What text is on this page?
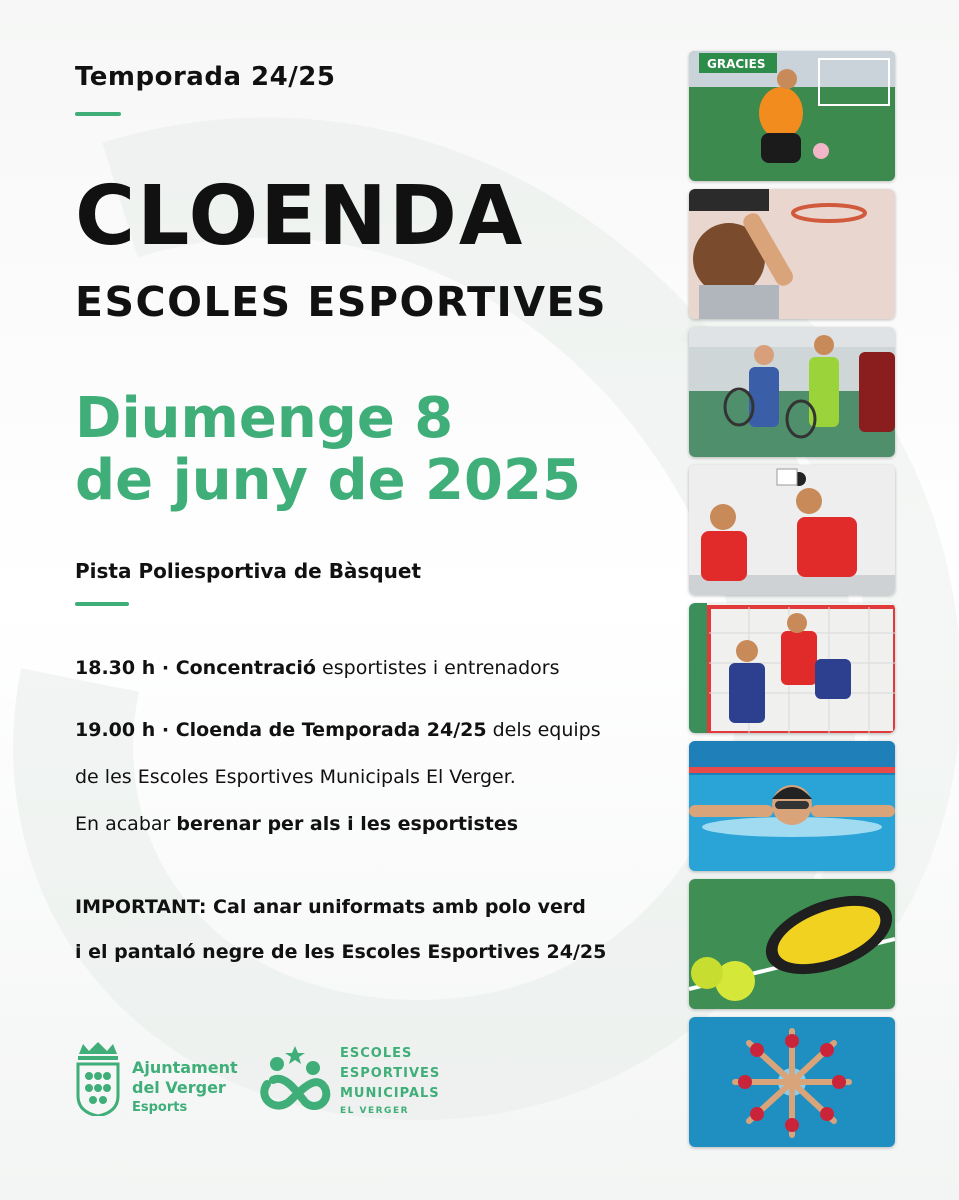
Temporada 24/25
CLOENDA
ESCOLES ESPORTIVES
Diumenge 8
de juny de 2025
Pista Poliesportiva de Bàsquet
18.30 h · Concentració esportistes i entrenadors
19.00 h · Cloenda de Temporada 24/25 dels equips
de les Escoles Esportives Municipals El Verger.
En acabar berenar per als i les esportistes
IMPORTANT: Cal anar uniformats amb polo verd
i el pantaló negre de les Escoles Esportives 24/25
Ajuntament
del Verger
Esports
ESCOLES
ESPORTIVES
MUNICIPALS
EL VERGER
GRACIES
